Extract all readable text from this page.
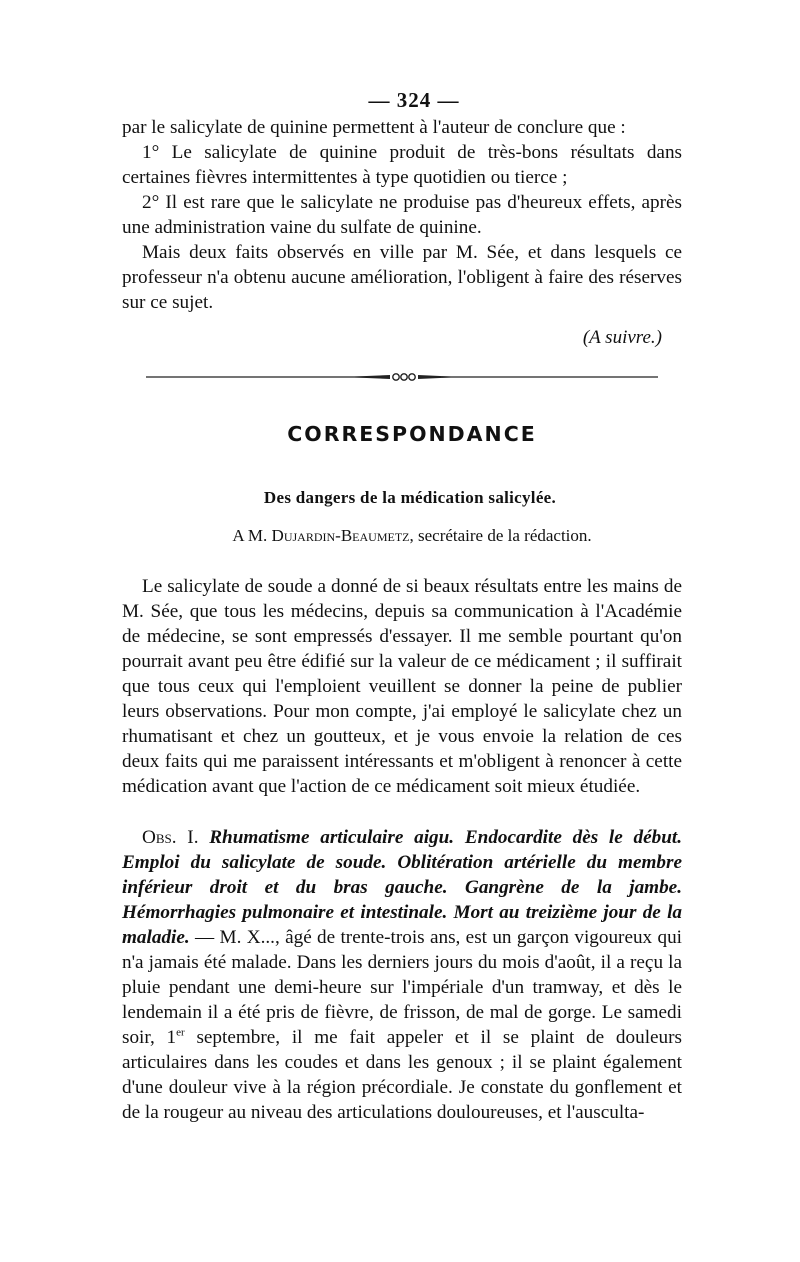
— 324 —

par le salicylate de quinine permettent à l'auteur de conclure que :

1° Le salicylate de quinine produit de très-bons résultats dans certaines fièvres intermittentes à type quotidien ou tierce ;

2° Il est rare que le salicylate ne produise pas d'heureux effets, après une administration vaine du sulfate de quinine.

Mais deux faits observés en ville par M. Sée, et dans lesquels ce professeur n'a obtenu aucune amélioration, l'obligent à faire des réserves sur ce sujet.

(A suivre.)
CORRESPONDANCE
Des dangers de la médication salicylée.
A M. Dujardin-Beaumetz, secrétaire de la rédaction.

Le salicylate de soude a donné de si beaux résultats entre les mains de M. Sée, que tous les médecins, depuis sa communication à l'Académie de médecine, se sont empressés d'essayer. Il me semble pourtant qu'on pourrait avant peu être édifié sur la valeur de ce médicament ; il suffirait que tous ceux qui l'emploient veuillent se donner la peine de publier leurs observations. Pour mon compte, j'ai employé le salicylate chez un rhumatisant et chez un goutteux, et je vous envoie la relation de ces deux faits qui me paraissent intéressants et m'obligent à renoncer à cette médication avant que l'action de ce médicament soit mieux étudiée.

Obs. I. Rhumatisme articulaire aigu. Endocardite dès le début. Emploi du salicylate de soude. Oblitération artérielle du membre inférieur droit et du bras gauche. Gangrène de la jambe. Hémorrhagies pulmonaire et intestinale. Mort au treizième jour de la maladie. — M. X..., âgé de trente-trois ans, est un garçon vigoureux qui n'a jamais été malade. Dans les derniers jours du mois d'août, il a reçu la pluie pendant une demi-heure sur l'impériale d'un tramway, et dès le lendemain il a été pris de fièvre, de frisson, de mal de gorge. Le samedi soir, 1er septembre, il me fait appeler et il se plaint de douleurs articulaires dans les coudes et dans les genoux ; il se plaint également d'une douleur vive à la région précordiale. Je constate du gonflement et de la rougeur au niveau des articulations douloureuses, et l'ausculta-
